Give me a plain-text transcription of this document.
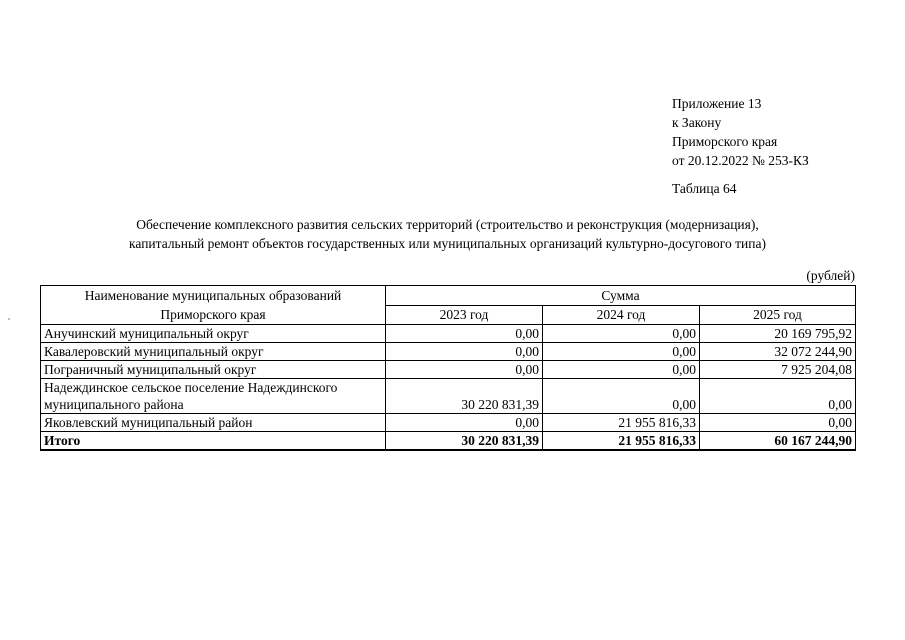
Приложение 13
к Закону
Приморского края
от 20.12.2022 № 253-КЗ
Таблица 64
Обеспечение комплексного развития сельских территорий (строительство и реконструкция (модернизация),
капитальный ремонт объектов государственных или муниципальных организаций культурно-досугового типа)
(рублей)
Наименование муниципальных образований
Приморского края	Сумма		
	2023 год	2024 год	2025 год
Анучинский муниципальный округ	0,00	0,00	20 169 795,92
Кавалеровский муниципальный округ	0,00	0,00	32 072 244,90
Пограничный муниципальный округ	0,00	0,00	7 925 204,08

Надеждинское сельское поселение Надеждинского
муниципального района	30 220 831,39	0,00	0,00
Яковлевский муниципальный район	0,00	21 955 816,33	0,00
Итого	30 220 831,39	21 955 816,33	60 167 244,90
